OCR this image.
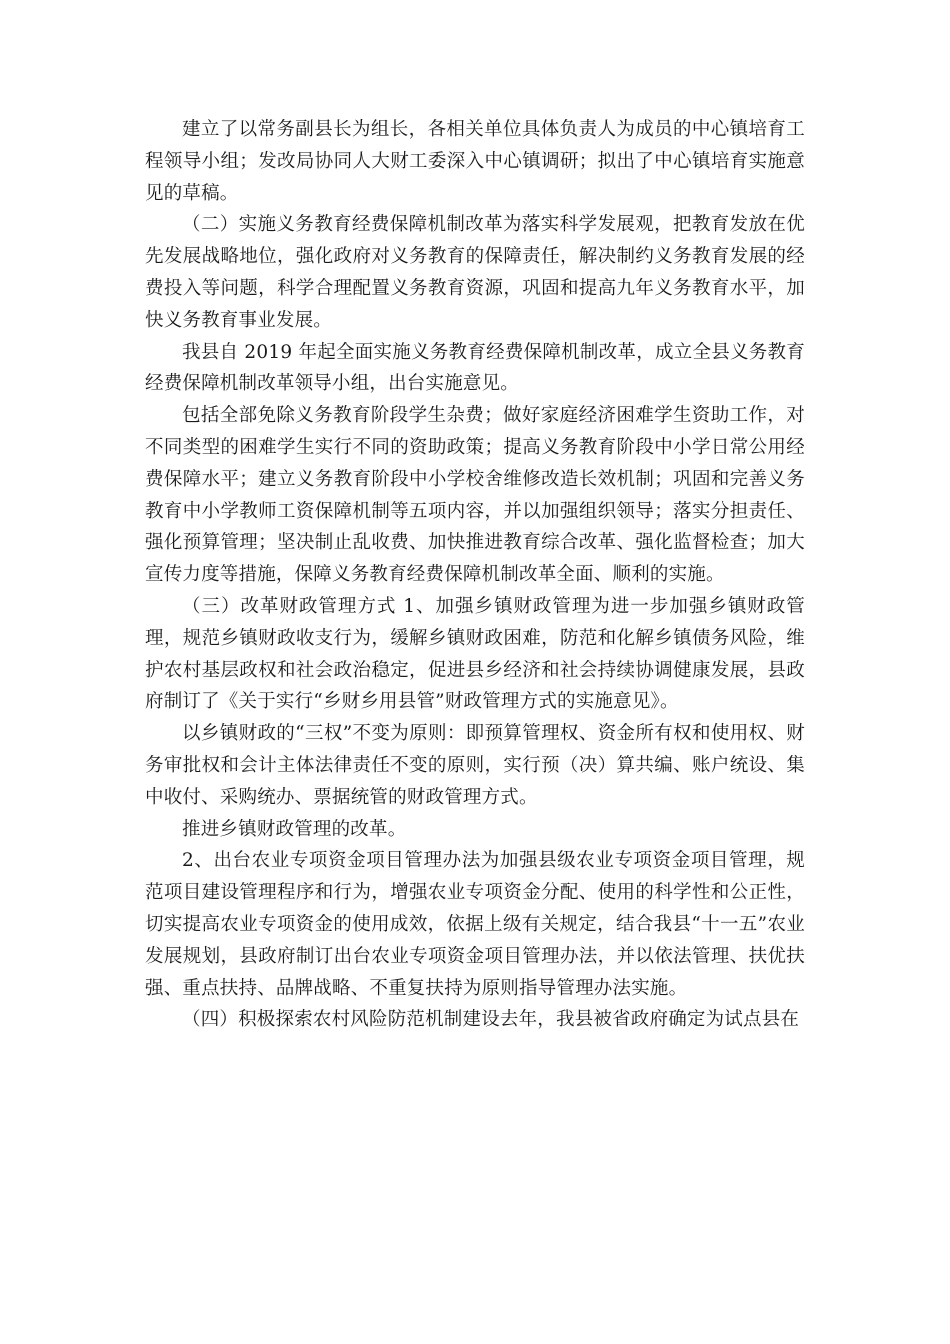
建立了以常务副县长为组长，各相关单位具体负责人为成员的中心镇培育工程领导小组；发改局协同人大财工委深入中心镇调研；拟出了中心镇培育实施意见的草稿。

（二）实施义务教育经费保障机制改革为落实科学发展观，把教育发放在优先发展战略地位，强化政府对义务教育的保障责任，解决制约义务教育发展的经费投入等问题，科学合理配置义务教育资源，巩固和提高九年义务教育水平，加快义务教育事业发展。

我县自 2019 年起全面实施义务教育经费保障机制改革，成立全县义务教育经费保障机制改革领导小组，出台实施意见。

包括全部免除义务教育阶段学生杂费；做好家庭经济困难学生资助工作，对不同类型的困难学生实行不同的资助政策；提高义务教育阶段中小学日常公用经费保障水平；建立义务教育阶段中小学校舍维修改造长效机制；巩固和完善义务教育中小学教师工资保障机制等五项内容，并以加强组织领导；落实分担责任、强化预算管理；坚决制止乱收费、加快推进教育综合改革、强化监督检查；加大宣传力度等措施，保障义务教育经费保障机制改革全面、顺利的实施。

（三）改革财政管理方式 1、加强乡镇财政管理为进一步加强乡镇财政管理，规范乡镇财政收支行为，缓解乡镇财政困难，防范和化解乡镇债务风险，维护农村基层政权和社会政治稳定，促进县乡经济和社会持续协调健康发展，县政府制订了《关于实行“乡财乡用县管”财政管理方式的实施意见》。

以乡镇财政的“三权”不变为原则：即预算管理权、资金所有权和使用权、财务审批权和会计主体法律责任不变的原则，实行预（决）算共编、账户统设、集中收付、采购统办、票据统管的财政管理方式。

推进乡镇财政管理的改革。

2、出台农业专项资金项目管理办法为加强县级农业专项资金项目管理，规范项目建设管理程序和行为，增强农业专项资金分配、使用的科学性和公正性，切实提高农业专项资金的使用成效，依据上级有关规定，结合我县“十一五”农业发展规划，县政府制订出台农业专项资金项目管理办法，并以依法管理、扶优扶强、重点扶持、品牌战略、不重复扶持为原则指导管理办法实施。

（四）积极探索农村风险防范机制建设去年，我县被省政府确定为试点县在
